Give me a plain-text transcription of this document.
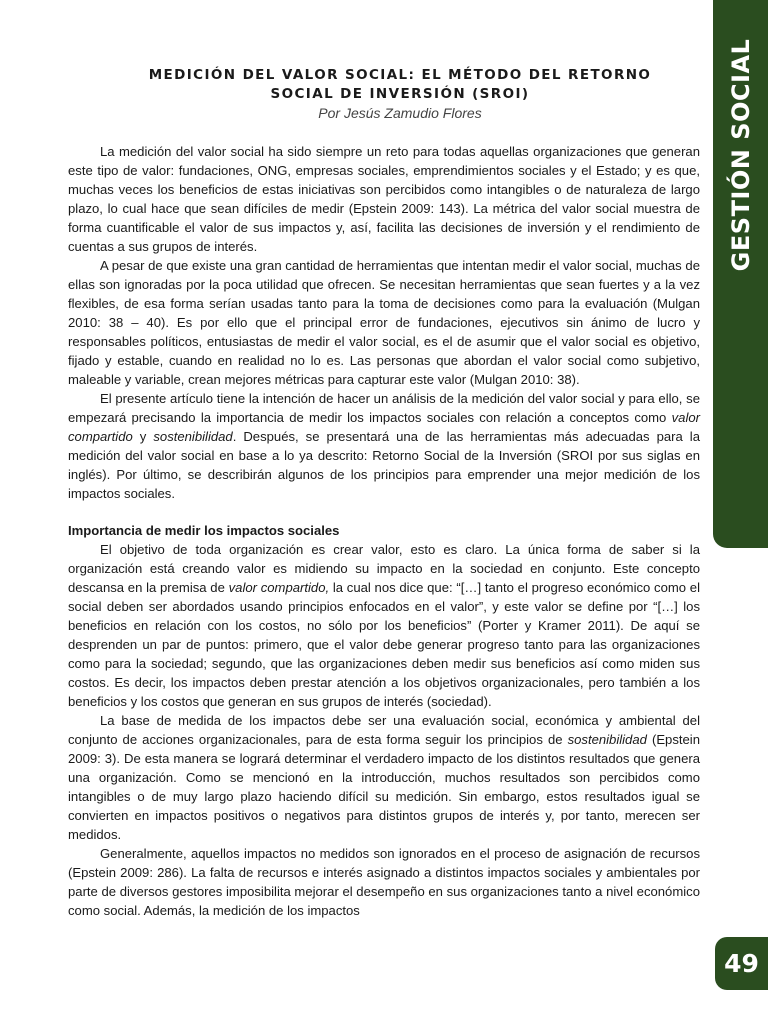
GESTIÓN SOCIAL
49

MEDICIÓN DEL VALOR SOCIAL: EL MÉTODO DEL RETORNO

SOCIAL DE INVERSIÓN (SROI)

Por Jesús Zamudio Flores

La medición del valor social ha sido siempre un reto para todas aquellas organizaciones que generan este tipo de valor: fundaciones, ONG, empresas sociales, emprendimientos sociales y el Estado; y es que, muchas veces los beneficios de estas iniciativas son percibidos como intangibles o de naturaleza de largo plazo, lo cual hace que sean difíciles de medir (Epstein 2009: 143). La métrica del valor social muestra de forma cuantificable el valor de sus impactos y, así, facilita las decisiones de inversión y el rendimiento de cuentas a sus grupos de interés.

A pesar de que existe una gran cantidad de herramientas que intentan medir el valor social, muchas de ellas son ignoradas por la poca utilidad que ofrecen. Se necesitan herramientas que sean fuertes y a la vez flexibles, de esa forma serían usadas tanto para la toma de decisiones como para la evaluación (Mulgan 2010: 38 – 40). Es por ello que el principal error de fundaciones, ejecutivos sin ánimo de lucro y responsables políticos, entusiastas de medir el valor social, es el de asumir que el valor social es objetivo, fijado y estable, cuando en realidad no lo es. Las personas que abordan el valor social como subjetivo, maleable y variable, crean mejores métricas para capturar este valor (Mulgan 2010: 38).

El presente artículo tiene la intención de hacer un análisis de la medición del valor social y para ello, se empezará precisando la importancia de medir los impactos sociales con relación a conceptos como valor compartido y sostenibilidad. Después, se presentará una de las herramientas más adecuadas para la medición del valor social en base a lo ya descrito: Retorno Social de la Inversión (SROI por sus siglas en inglés). Por último, se describirán algunos de los principios para emprender una mejor medición de los impactos sociales.

Importancia de medir los impactos sociales

El objetivo de toda organización es crear valor, esto es claro. La única forma de saber si la organización está creando valor es midiendo su impacto en la sociedad en conjunto. Este concepto descansa en la premisa de valor compartido, la cual nos dice que: “[…] tanto el progreso económico como el social deben ser abordados usando principios enfocados en el valor”, y este valor se define por “[…] los beneficios en relación con los costos, no sólo por los beneficios” (Porter y Kramer 2011). De aquí se desprenden un par de puntos: primero, que el valor debe generar progreso tanto para las organizaciones como para la sociedad; segundo, que las organizaciones deben medir sus beneficios así como miden sus costos. Es decir, los impactos deben prestar atención a los objetivos organizacionales, pero también a los beneficios y los costos que generan en sus grupos de interés (sociedad).

La base de medida de los impactos debe ser una evaluación social, económica y ambiental del conjunto de acciones organizacionales, para de esta forma seguir los principios de sostenibilidad (Epstein 2009: 3). De esta manera se logrará determinar el verdadero impacto de los distintos resultados que genera una organización. Como se mencionó en la introducción, muchos resultados son percibidos como intangibles o de muy largo plazo haciendo difícil su medición. Sin embargo, estos resultados igual se convierten en impactos positivos o negativos para distintos grupos de interés y, por tanto, merecen ser medidos.

Generalmente, aquellos impactos no medidos son ignorados en el proceso de asignación de recursos (Epstein 2009: 286). La falta de recursos e interés asignado a distintos impactos sociales y ambientales por parte de diversos gestores imposibilita mejorar el desempeño en sus organizaciones tanto a nivel económico como social. Además, la medición de los impactos
